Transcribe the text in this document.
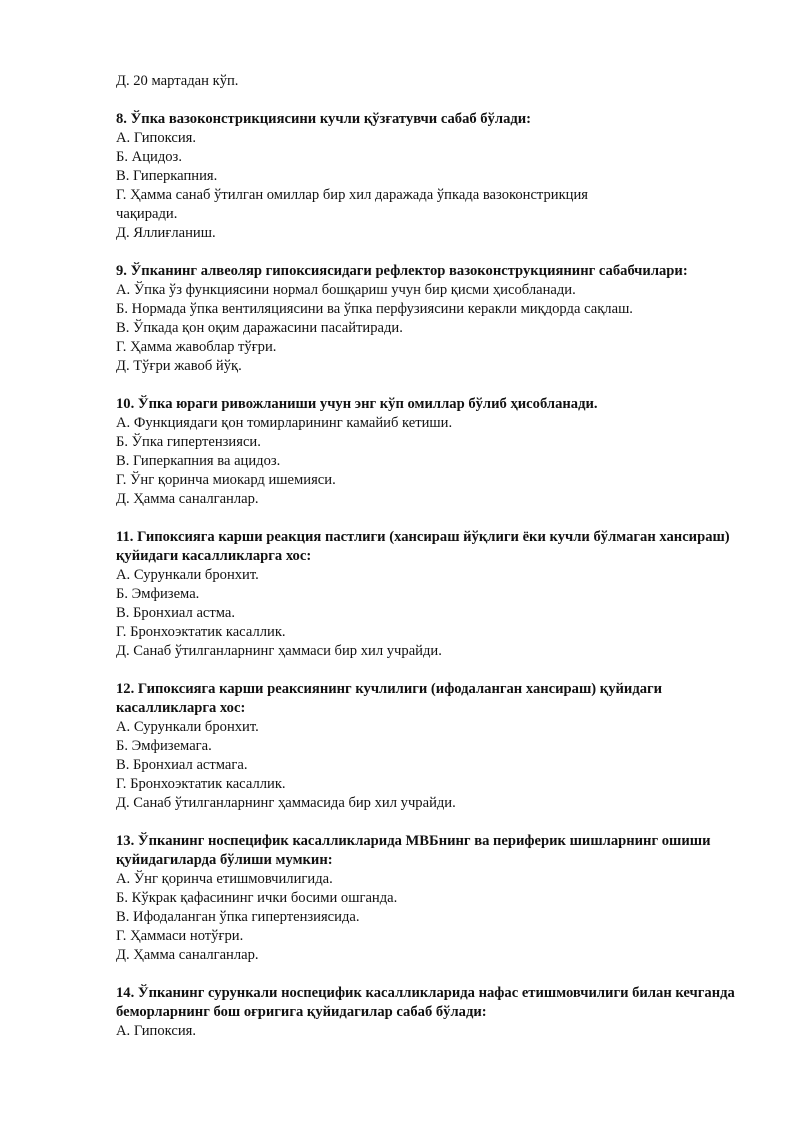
Д. 20 мартадан кўп.

8. Ўпка вазоконстрикциясини кучли қўзғатувчи сабаб бўлади:

А. Гипоксия.

Б. Ацидоз.

В. Гиперкапния.

Г. Ҳамма санаб ўтилган омиллар бир хил даражада ўпкада вазоконстрикция

чақиради.

Д. Яллиғланиш.

9. Ўпканинг алвеоляр гипоксиясидаги рефлектор вазоконструкциянинг сабабчилари:

А. Ўпка ўз функциясини нормал бошқариш учун бир қисми ҳисобланади.

Б. Нормада ўпка вентиляциясини ва ўпка перфузиясини керакли миқдорда сақлаш.

В. Ўпкада қон оқим даражасини пасайтиради.

Г. Ҳамма жавоблар тўғри.

Д. Тўғри жавоб йўқ.

10. Ўпка юраги ривожланиши учун энг кўп омиллар бўлиб ҳисобланади.

А. Функциядаги қон томирларининг камайиб кетиши.

Б. Ўпка гипертензияси.

В. Гиперкапния ва ацидоз.

Г. Ўнг қоринча миокард ишемияси.

Д. Ҳамма саналганлар.

11. Гипоксияга карши реакция пастлиги (хансираш йўқлиги ёки кучли бўлмаган хансираш) қуйидаги касалликларга хос:

А. Сурункали бронхит.

Б. Эмфизема.

В. Бронхиал астма.

Г. Бронхоэктатик касаллик.

Д. Санаб ўтилганларнинг ҳаммаси бир хил учрайди.

12. Гипоксияга карши реаксиянинг кучлилиги (ифодаланган хансираш) қуйидаги касалликларга хос:

А. Сурункали бронхит.

Б. Эмфиземага.

В. Бронхиал астмага.

Г. Бронхоэктатик касаллик.

Д. Санаб ўтилганларнинг ҳаммасида бир хил учрайди.

13. Ўпканинг носпецифик касалликларида МВБнинг ва периферик шишларнинг ошиши қуйидагиларда бўлиши мумкин:

А. Ўнг қоринча етишмовчилигида.

Б. Кўкрак қафасининг ички босими ошганда.

В. Ифодаланган ўпка гипертензиясида.

Г. Ҳаммаси нотўғри.

Д. Ҳамма саналганлар.

14. Ўпканинг сурункали носпецифик касалликларида нафас етишмовчилиги билан кечганда беморларнинг бош оғригига қуйидагилар сабаб бўлади:

А. Гипоксия.
